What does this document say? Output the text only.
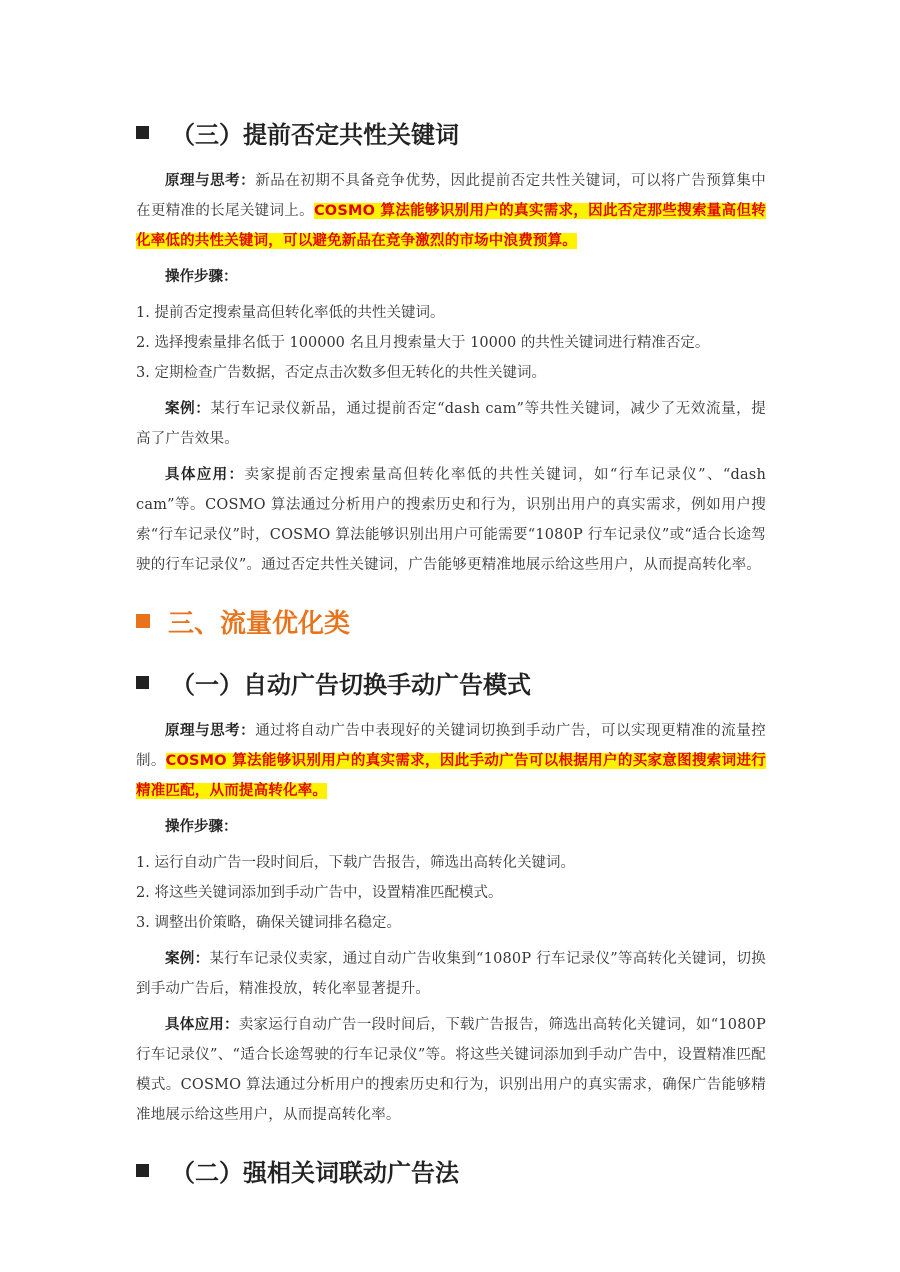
（三）提前否定共性关键词

原理与思考：新品在初期不具备竞争优势，因此提前否定共性关键词，可以将广告预算集中在更精准的长尾关键词上。COSMO 算法能够识别用户的真实需求，因此否定那些搜索量高但转化率低的共性关键词，可以避免新品在竞争激烈的市场中浪费预算。

操作步骤：

1. 提前否定搜索量高但转化率低的共性关键词。

2. 选择搜索量排名低于 100000 名且月搜索量大于 10000 的共性关键词进行精准否定。

3. 定期检查广告数据，否定点击次数多但无转化的共性关键词。

案例：某行车记录仪新品，通过提前否定“dash cam”等共性关键词，减少了无效流量，提高了广告效果。

具体应用：卖家提前否定搜索量高但转化率低的共性关键词，如“行车记录仪”、“dash cam”等。COSMO 算法通过分析用户的搜索历史和行为，识别出用户的真实需求，例如用户搜索“行车记录仪”时，COSMO 算法能够识别出用户可能需要“1080P 行车记录仪”或“适合长途驾驶的行车记录仪”。通过否定共性关键词，广告能够更精准地展示给这些用户，从而提高转化率。

三、流量优化类
（一）自动广告切换手动广告模式

原理与思考：通过将自动广告中表现好的关键词切换到手动广告，可以实现更精准的流量控制。COSMO 算法能够识别用户的真实需求，因此手动广告可以根据用户的买家意图搜索词进行精准匹配，从而提高转化率。

操作步骤：

1. 运行自动广告一段时间后，下载广告报告，筛选出高转化关键词。

2. 将这些关键词添加到手动广告中，设置精准匹配模式。

3. 调整出价策略，确保关键词排名稳定。

案例：某行车记录仪卖家，通过自动广告收集到“1080P 行车记录仪”等高转化关键词，切换到手动广告后，精准投放，转化率显著提升。

具体应用：卖家运行自动广告一段时间后，下载广告报告，筛选出高转化关键词，如“1080P 行车记录仪”、“适合长途驾驶的行车记录仪”等。将这些关键词添加到手动广告中，设置精准匹配模式。COSMO 算法通过分析用户的搜索历史和行为，识别出用户的真实需求，确保广告能够精准地展示给这些用户，从而提高转化率。

（二）强相关词联动广告法
